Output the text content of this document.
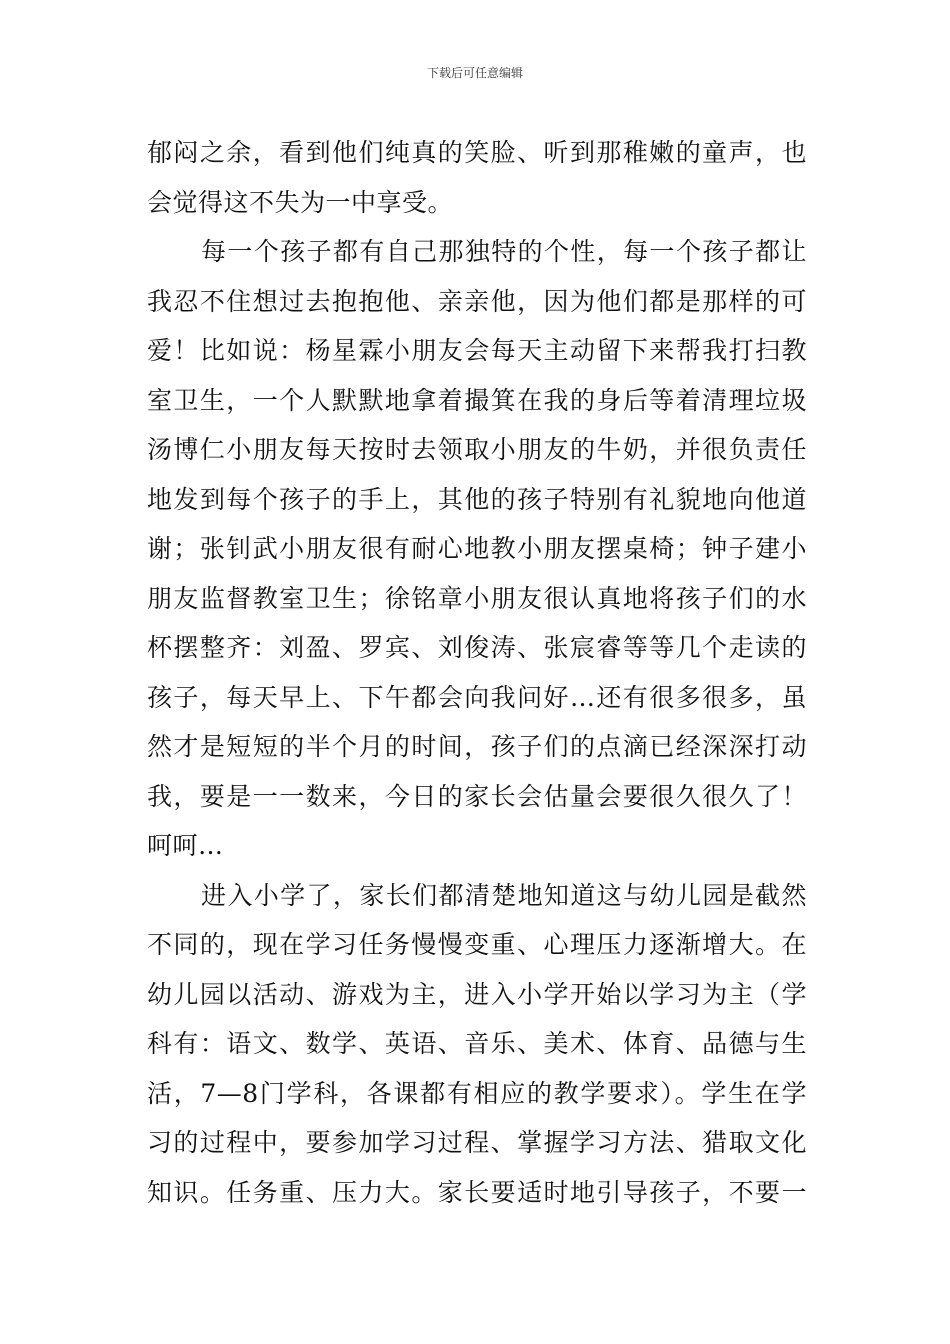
下载后可任意编辑
郁闷之余，看到他们纯真的笑脸、听到那稚嫩的童声，也
会觉得这不失为一中享受。
每一个孩子都有自己那独特的个性，每一个孩子都让
我忍不住想过去抱抱他、亲亲他，因为他们都是那样的可
爱！比如说：杨星霖小朋友会每天主动留下来帮我打扫教
室卫生，一个人默默地拿着撮箕在我的身后等着清理垃圾
汤博仁小朋友每天按时去领取小朋友的牛奶，并很负责任
地发到每个孩子的手上，其他的孩子特别有礼貌地向他道
谢；张钊武小朋友很有耐心地教小朋友摆桌椅；钟子建小
朋友监督教室卫生；徐铭章小朋友很认真地将孩子们的水
杯摆整齐：刘盈、罗宾、刘俊涛、张宸睿等等几个走读的
孩子，每天早上、下午都会向我问好…还有很多很多，虽
然才是短短的半个月的时间，孩子们的点滴已经深深打动
我，要是一一数来，今日的家长会估量会要很久很久了！
呵呵…
进入小学了，家长们都清楚地知道这与幼儿园是截然
不同的，现在学习任务慢慢变重、心理压力逐渐增大。在
幼儿园以活动、游戏为主，进入小学开始以学习为主（学
科有：语文、数学、英语、音乐、美术、体育、品德与生
活，7—8门学科，各课都有相应的教学要求）。学生在学
习的过程中，要参加学习过程、掌握学习方法、猎取文化
知识。任务重、压力大。家长要适时地引导孩子，不要一
